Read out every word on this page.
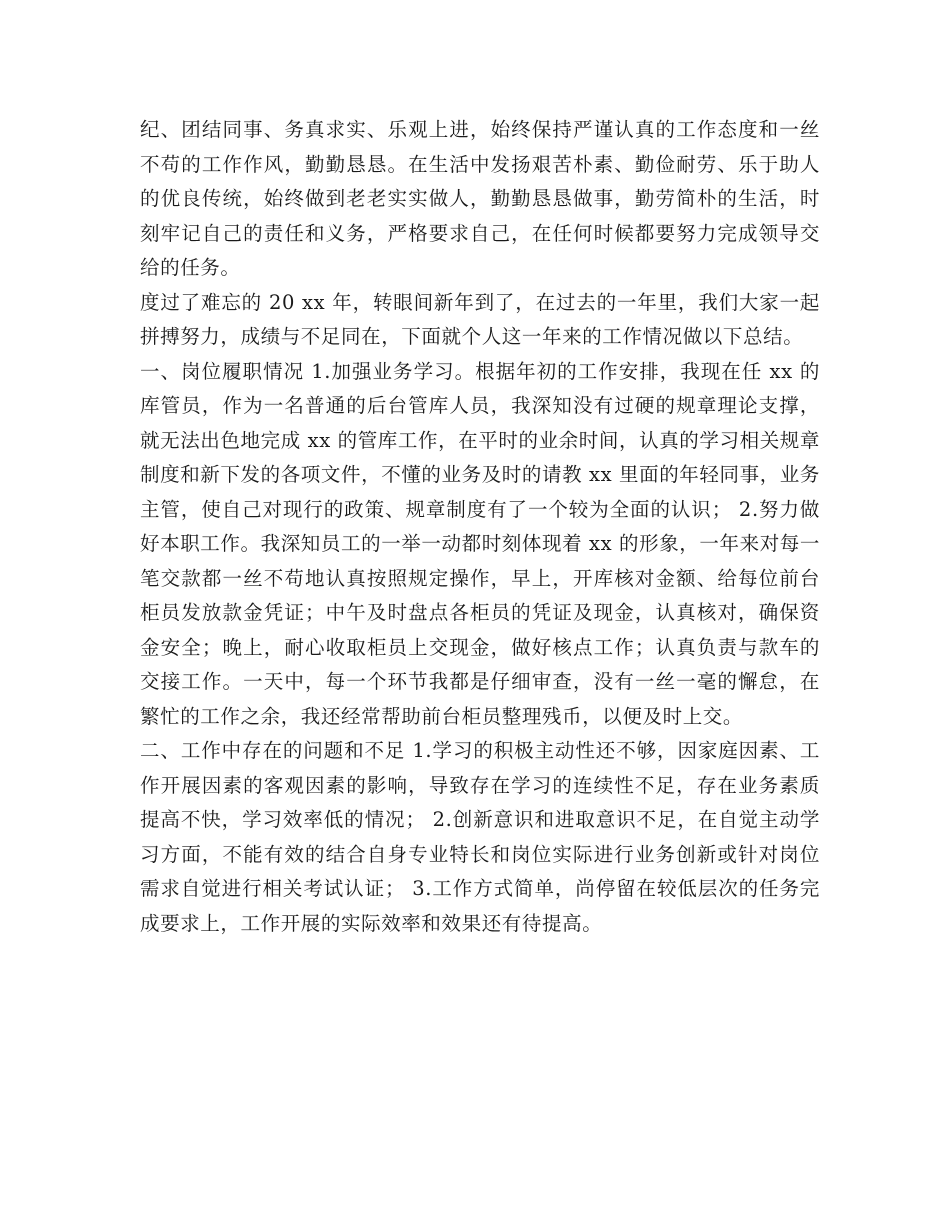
纪、团结同事、务真求实、乐观上进，始终保持严谨认真的工作态度和一丝不苟的工作作风，勤勤恳恳。在生活中发扬艰苦朴素、勤俭耐劳、乐于助人的优良传统，始终做到老老实实做人，勤勤恳恳做事，勤劳简朴的生活，时刻牢记自己的责任和义务，严格要求自己，在任何时候都要努力完成领导交给的任务。

度过了难忘的 20 xx 年，转眼间新年到了，在过去的一年里，我们大家一起拼搏努力，成绩与不足同在，下面就个人这一年来的工作情况做以下总结。

一、岗位履职情况 1.加强业务学习。根据年初的工作安排，我现在任 xx 的库管员，作为一名普通的后台管库人员，我深知没有过硬的规章理论支撑，就无法出色地完成 xx 的管库工作，在平时的业余时间，认真的学习相关规章制度和新下发的各项文件，不懂的业务及时的请教 xx 里面的年轻同事，业务主管，使自己对现行的政策、规章制度有了一个较为全面的认识； 2.努力做好本职工作。我深知员工的一举一动都时刻体现着 xx 的形象，一年来对每一笔交款都一丝不苟地认真按照规定操作，早上，开库核对金额、给每位前台柜员发放款金凭证；中午及时盘点各柜员的凭证及现金，认真核对，确保资金安全；晚上，耐心收取柜员上交现金，做好核点工作；认真负责与款车的交接工作。一天中，每一个环节我都是仔细审查，没有一丝一毫的懈怠，在繁忙的工作之余，我还经常帮助前台柜员整理残币，以便及时上交。

二、工作中存在的问题和不足 1.学习的积极主动性还不够，因家庭因素、工作开展因素的客观因素的影响，导致存在学习的连续性不足，存在业务素质提高不快，学习效率低的情况； 2.创新意识和进取意识不足，在自觉主动学习方面，不能有效的结合自身专业特长和岗位实际进行业务创新或针对岗位需求自觉进行相关考试认证； 3.工作方式简单，尚停留在较低层次的任务完成要求上，工作开展的实际效率和效果还有待提高。
